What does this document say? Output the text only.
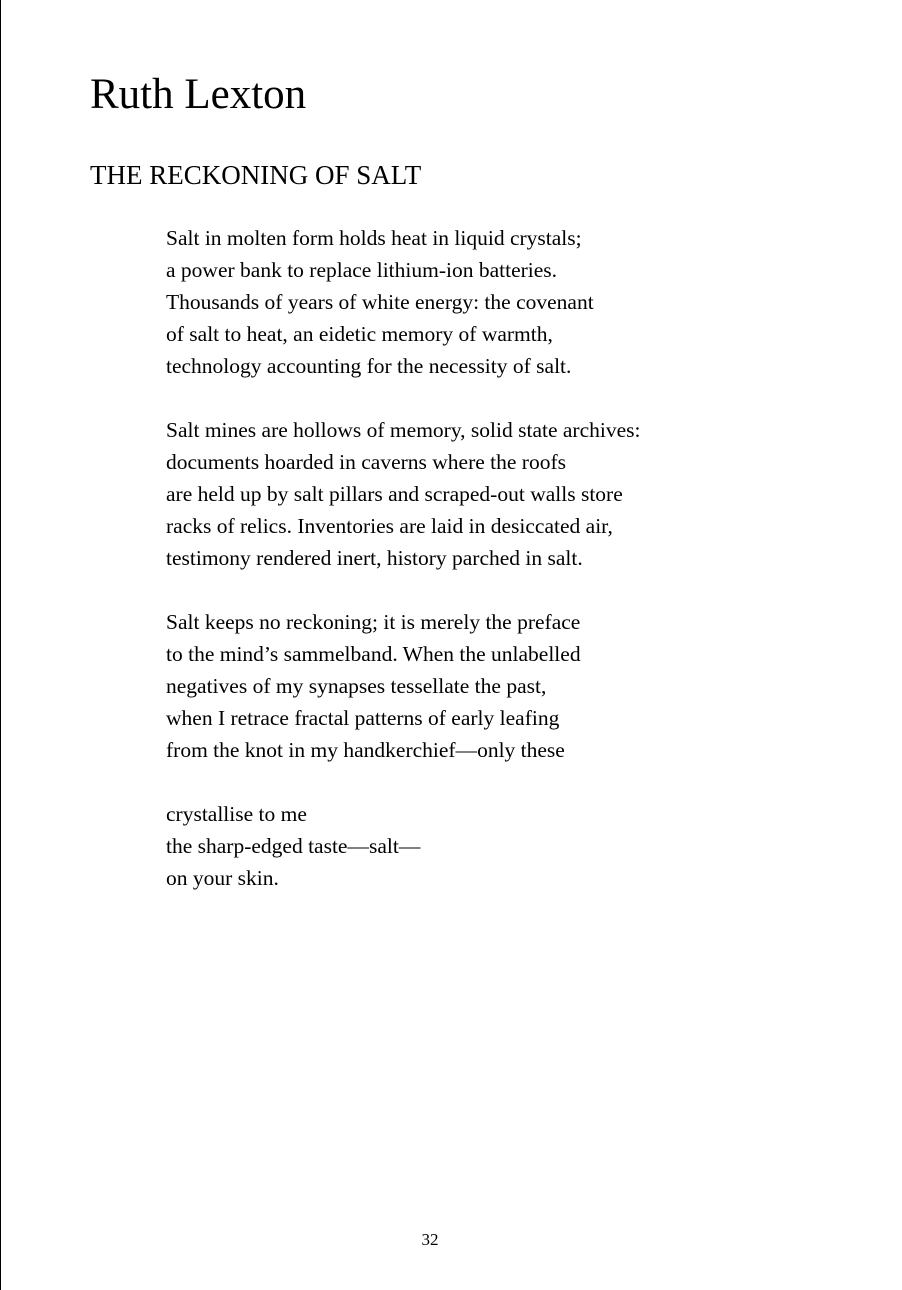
Ruth Lexton
THE RECKONING OF SALT
Salt in molten form holds heat in liquid crystals;
a power bank to replace lithium-ion batteries.
Thousands of years of white energy: the covenant
of salt to heat, an eidetic memory of warmth,
technology accounting for the necessity of salt.
Salt mines are hollows of memory, solid state archives:
documents hoarded in caverns where the roofs
are held up by salt pillars and scraped-out walls store
racks of relics. Inventories are laid in desiccated air,
testimony rendered inert, history parched in salt.
Salt keeps no reckoning; it is merely the preface
to the mind’s sammelband. When the unlabelled
negatives of my synapses tessellate the past,
when I retrace fractal patterns of early leafing
from the knot in my handkerchief—only these
crystallise to me
the sharp-edged taste—salt—
on your skin.
32
